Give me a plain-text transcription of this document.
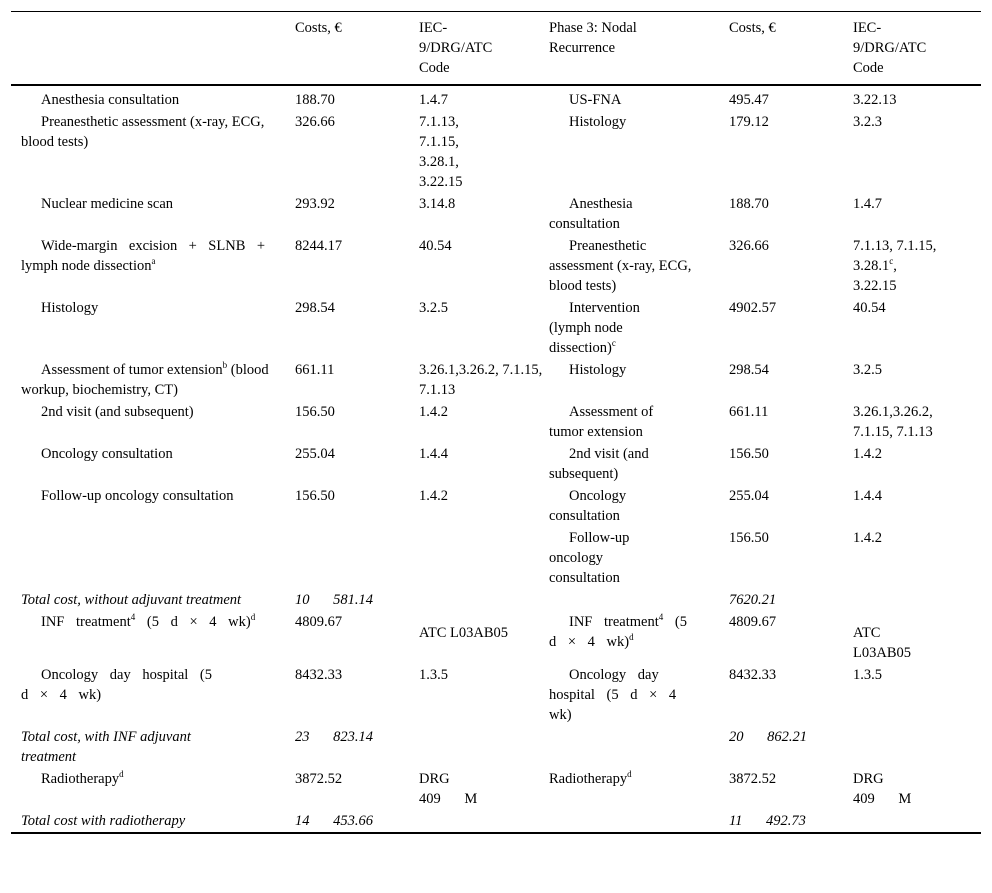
	Costs, €	IEC-9/DRG/ATC Code	Phase 3: Nodal Recurrence	Costs, €	IEC-9/DRG/ATC Code
Anesthesia consultation	188.70	1.4.7	US-FNA	495.47	3.22.13

Preanesthetic assessment (x-ray, ECG, blood tests)	326.66	7.1.13, 7.1.15, 3.28.1, 3.22.15	Histology	179.12	3.2.3
Nuclear medicine scan	293.92	3.14.8	Anesthesia consultation	188.70	1.4.7

Wide-margin excision + SLNB + lymph node dissection$^a$	8244.17	40.54	Preanesthetic assessment (x-ray, ECG, blood tests)	326.66	7.1.13, 7.1.15, 3.28.1$^c$, 3.22.15
Histology	298.54	3.2.5	Intervention (lymph node dissection)$^c$	4902.57	40.54

Assessment of tumor extension$^b$ (blood workup, biochemistry, CT)	661.11	3.26.1,3.26.2, 7.1.15, 7.1.13	Histology	298.54	3.2.5
2nd visit (and subsequent)	156.50	1.4.2	Assessment of tumor extension	661.11	3.26.1,3.26.2, 7.1.15, 7.1.13
Oncology consultation	255.04	1.4.4	2nd visit (and subsequent)	156.50	1.4.2
Follow-up oncology consultation	156.50	1.4.2	Oncology consultation	255.04	1.4.4

			Follow-up oncology consultation	156.50	1.4.2
Total cost, without adjuvant treatment	10 581.14			7620.21	
INF treatment$^4$ (5 d × 4 wk)$^d$	4809.67	ATC L03AB05	INF treatment$^4$ (5 d × 4 wk)$^d$	4809.67	ATC L03AB05

Oncology day hospital (5 d × 4 wk)	8432.33	1.3.5	Oncology day hospital (5 d × 4 wk)	8432.33	1.3.5
Total cost, with INF adjuvant treatment	23 823.14			20 862.21	
Radiotherapy$^d$	3872.52	DRG 409 M	Radiotherapy$^d$	3872.52	DRG 409 M
Total cost with radiotherapy	14 453.66			11 492.73	
